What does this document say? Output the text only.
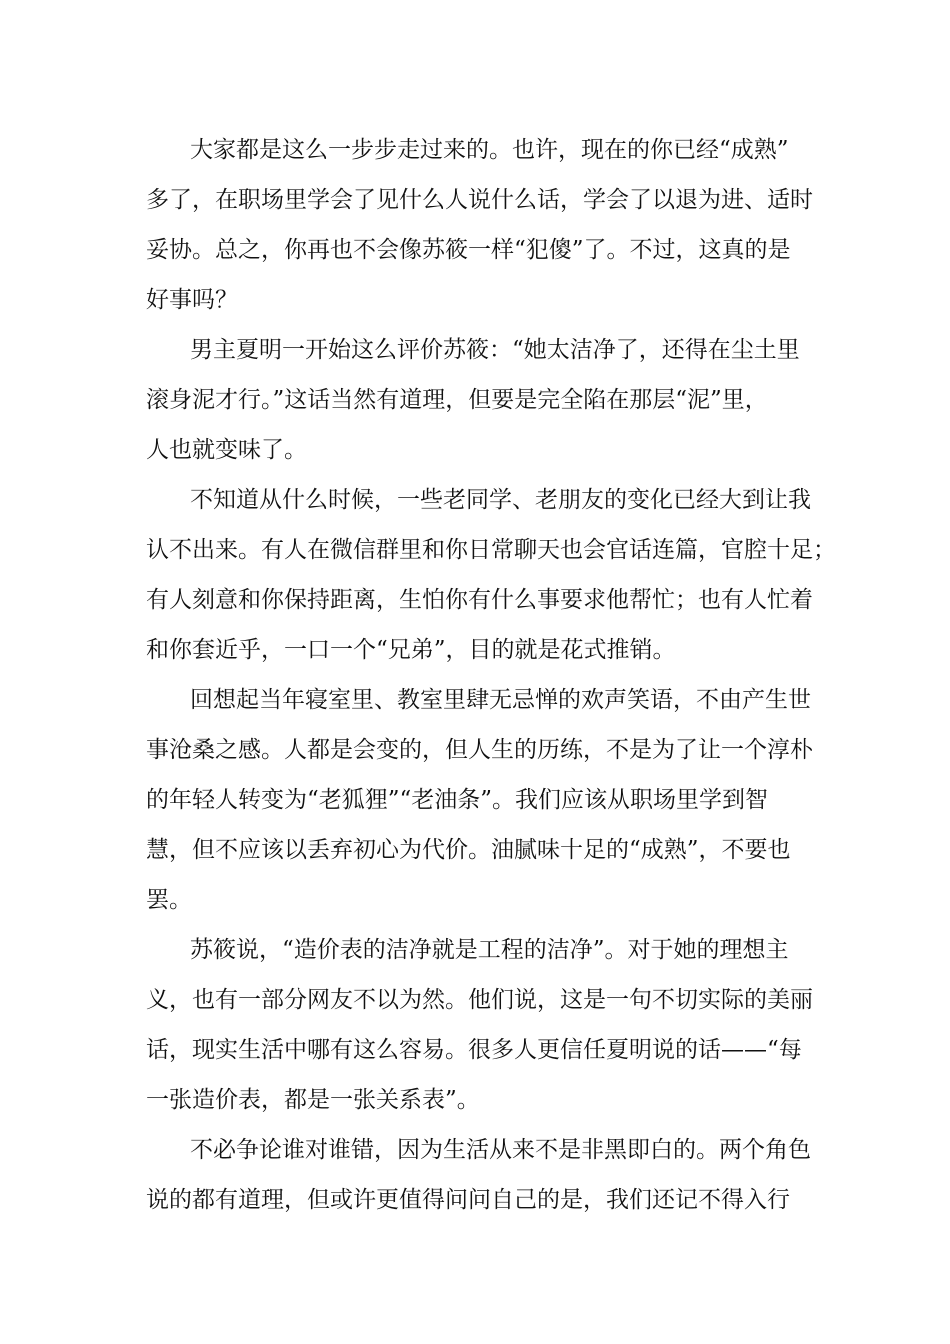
大家都是这么一步步走过来的。也许，现在的你已经“成熟”
多了，在职场里学会了见什么人说什么话，学会了以退为进、适时
妥协。总之，你再也不会像苏筱一样“犯傻”了。不过，这真的是
好事吗？
男主夏明一开始这么评价苏筱：“她太洁净了，还得在尘土里
滚身泥才行。”这话当然有道理，但要是完全陷在那层“泥”里，
人也就变味了。
不知道从什么时候，一些老同学、老朋友的变化已经大到让我
认不出来。有人在微信群里和你日常聊天也会官话连篇，官腔十足；
有人刻意和你保持距离，生怕你有什么事要求他帮忙；也有人忙着
和你套近乎，一口一个“兄弟”，目的就是花式推销。
回想起当年寝室里、教室里肆无忌惮的欢声笑语，不由产生世
事沧桑之感。人都是会变的，但人生的历练，不是为了让一个淳朴
的年轻人转变为“老狐狸”“老油条”。我们应该从职场里学到智
慧，但不应该以丢弃初心为代价。油腻味十足的“成熟”，不要也
罢。
苏筱说，“造价表的洁净就是工程的洁净”。对于她的理想主
义，也有一部分网友不以为然。他们说，这是一句不切实际的美丽
话，现实生活中哪有这么容易。很多人更信任夏明说的话——“每
一张造价表，都是一张关系表”。
不必争论谁对谁错，因为生活从来不是非黑即白的。两个角色
说的都有道理，但或许更值得问问自己的是，我们还记不得入行
